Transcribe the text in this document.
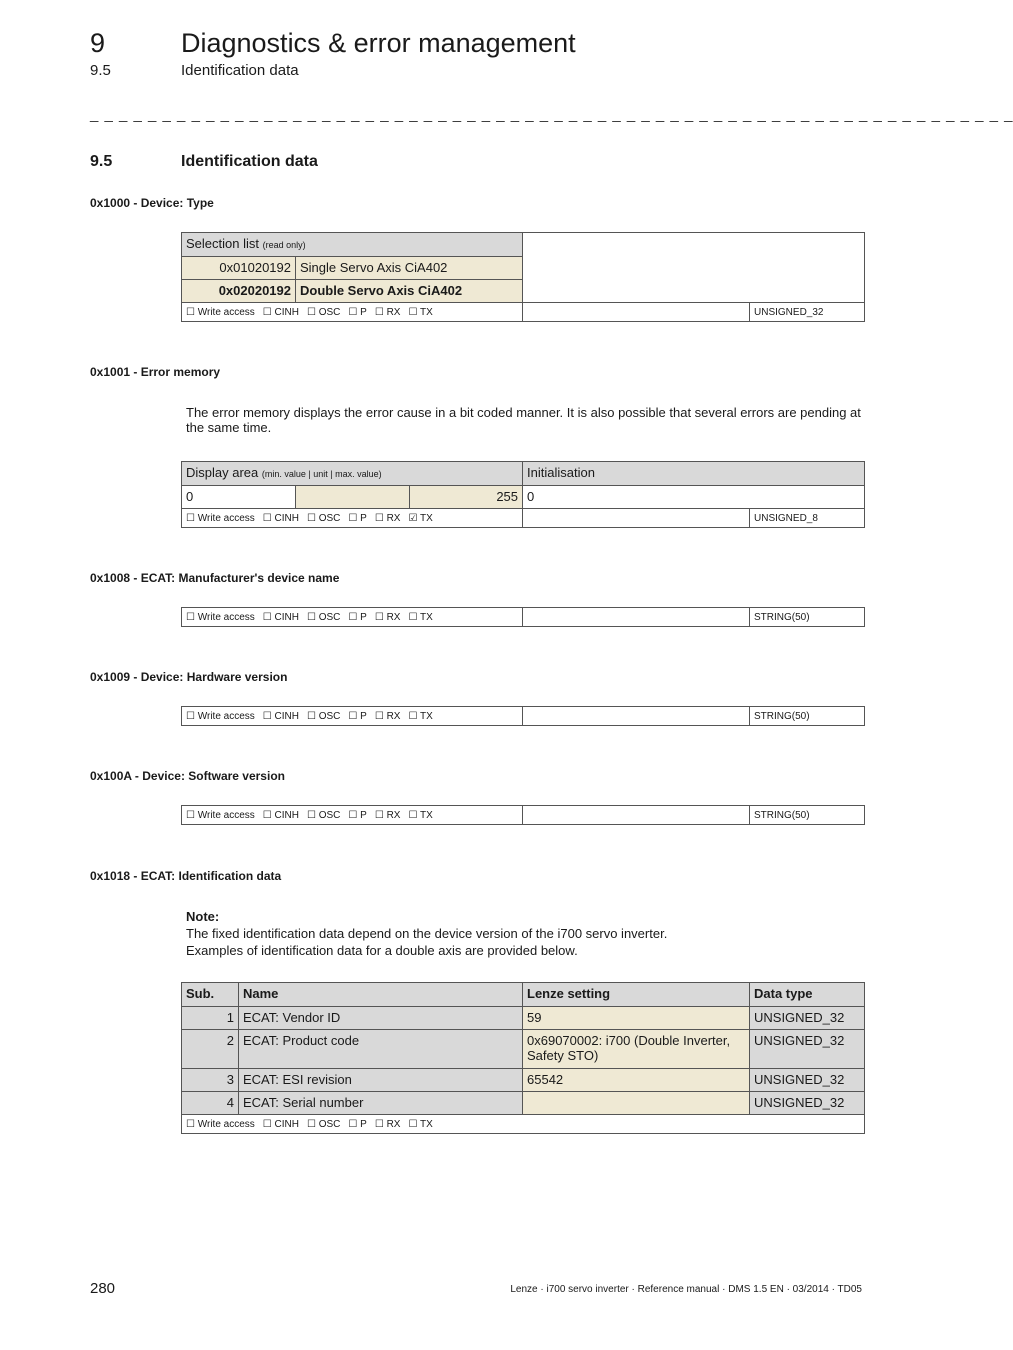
9	Diagnostics & error management
9.5	Identification data
_ _ _ _ _ _ _ _ _ _ _ _ _ _ _ _ _ _ _ _ _ _ _ _ _ _ _ _ _ _ _ _ _ _ _ _ _ _ _ _ _ _ _ _ _ _ _ _ _ _ _ _ _ _ _ _ _ _ _ _ _ _ _ _
9.5	Identification data
0x1000 - Device: Type
Selection list (read only)			
0x01020192	Single Servo Axis CiA402		
0x02020192	Double Servo Axis CiA402		
☐ Write access ☐ CINH ☐ OSC ☐ P ☐ RX ☐ TX			UNSIGNED_32
0x1001 - Error memory
The error memory displays the error cause in a bit coded manner. It is also possible that several errors are pending at the same time.
Display area (min. value | unit | max. value)			Initialisation	
0		255	0	
☐ Write access ☐ CINH ☐ OSC ☐ P ☐ RX ☑ TX				UNSIGNED_8
0x1008 - ECAT: Manufacturer's device name
☐ Write access ☐ CINH ☐ OSC ☐ P ☐ RX ☐ TX		STRING(50)
0x1009 - Device: Hardware version
☐ Write access ☐ CINH ☐ OSC ☐ P ☐ RX ☐ TX		STRING(50)
0x100A - Device: Software version
☐ Write access ☐ CINH ☐ OSC ☐ P ☐ RX ☐ TX		STRING(50)
0x1018 - ECAT: Identification data
Note:
The fixed identification data depend on the device version of the i700 servo inverter.
Examples of identification data for a double axis are provided below.
Sub.	Name	Lenze setting	Data type
1	ECAT: Vendor ID	59	UNSIGNED_32
2	ECAT: Product code	0x69070002: i700 (Double Inverter, Safety STO)	UNSIGNED_32
3	ECAT: ESI revision	65542	UNSIGNED_32
4	ECAT: Serial number		UNSIGNED_32
☐ Write access ☐ CINH ☐ OSC ☐ P ☐ RX ☐ TX			
280	Lenze · i700 servo inverter · Reference manual · DMS 1.5 EN · 03/2014 · TD05
